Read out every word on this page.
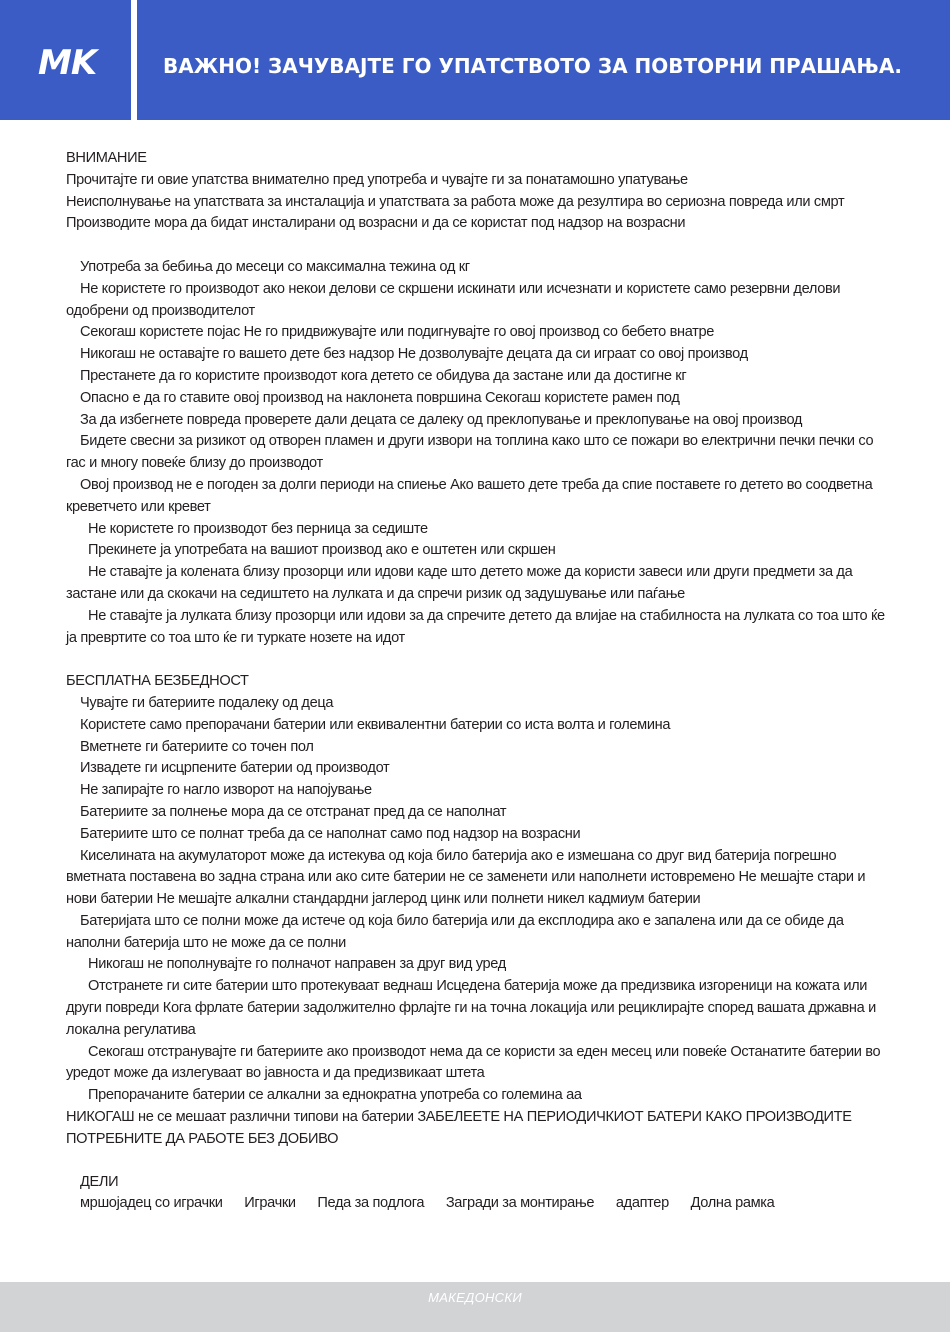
MK	ВАЖНО! ЗАЧУВАЈТЕ ГО УПАТСТВОТО ЗА ПОВТОРНИ ПРАШАЊА.

ВНИМАНИЕ

Прочитајте ги овие упатства внимателно пред употреба и чувајте ги за понатамошно упатување

Неисполнување на упатствата за инсталација и упатствата за работа може да резултира во сериозна повреда или смрт

Производите мора да бидат инсталирани од возрасни и да се користат под надзор на возрасни

Употреба за бебиња до месеци со максимална тежина од кг

Не користете го производот ако некои делови се скршени искинати или исчезнати и користете само резервни делови одобрени од производителот

Секогаш користете појас Не го придвижувајте или подигнувајте го овој производ со бебето внатре

Никогаш не оставајте го вашето дете без надзор Не дозволувајте децата да си играат со овој производ

Престанете да го користите производот кога детето се обидува да застане или да достигне кг

Опасно е да го ставите овој производ на наклонета површина Секогаш користете рамен под

За да избегнете повреда проверете дали децата се далеку од преклопување и преклопување на овој производ

Бидете свесни за ризикот од отворен пламен и други извори на топлина како што се пожари во електрични печки печки со гас и многу повеќе близу до производот

Овој производ не е погоден за долги периоди на спиење Ако вашето дете треба да спие поставете го детето во соодветна креветчето или кревет

Не користете го производот без перница за седиште

Прекинете ја употребата на вашиот производ ако е оштетен или скршен

Не ставајте ја колената близу прозорци или идови каде што детето може да користи завеси или други предмети за да застане или да скокачи на седиштето на лулката и да спречи ризик од задушување или паѓање

Не ставајте ја лулката близу прозорци или идови за да спречите детето да влијае на стабилноста на лулката со тоа што ќе ја превртите со тоа што ќе ги туркате нозете на идот

БЕСПЛАТНА БЕЗБЕДНОСТ

Чувајте ги батериите подалеку од деца

Користете само препорачани батерии или еквивалентни батерии со иста волта и големина

Вметнете ги батериите со точен пол

Извадете ги исцрпените батерии од производот

Не запирајте го нагло изворот на напојување

Батериите за полнење мора да се отстранат пред да се наполнат

Батериите што се полнат треба да се наполнат само под надзор на возрасни

Киселината на акумулаторот може да истекува од која било батерија ако е измешана со друг вид батерија погрешно вметната поставена во задна страна или ако сите батерии не се заменети или наполнети истовремено Не мешајте стари и нови батерии Не мешајте алкални стандардни јаглерод цинк или полнети никел кадмиум батерии

Батеријата што се полни може да истече од која било батерија или да експлодира ако е запалена или да се обиде да наполни батерија што не може да се полни

Никогаш не пополнувајте го полначот направен за друг вид уред

Отстранете ги сите батерии што протекуваат веднаш Исцедена батерија може да предизвика изгореници на кожата или други повреди Кога фрлате батерии задолжително фрлајте ги на точна локација или рециклирајте според вашата државна и локална регулатива

Секогаш отстранувајте ги батериите ако производот нема да се користи за еден месец или повеќе Останатите батерии во уредот може да излегуваат во јавноста и да предизвикаат штета

Препорачаните батерии се алкални за еднократна употреба со големина аа

НИКОГАШ не се мешаат различни типови на батерии ЗАБЕЛЕЕТЕ НА ПЕРИОДИЧКИОТ БАТЕРИ КАКО ПРОИЗВОДИТЕ ПОТРЕБНИТЕ ДА РАБОТЕ БЕЗ ДОБИВО

ДЕЛИ

мршојадец со играчки Играчки Педа за подлога Загради за монтирање адаптер Долна рамка
МАКЕДОНСКИ
